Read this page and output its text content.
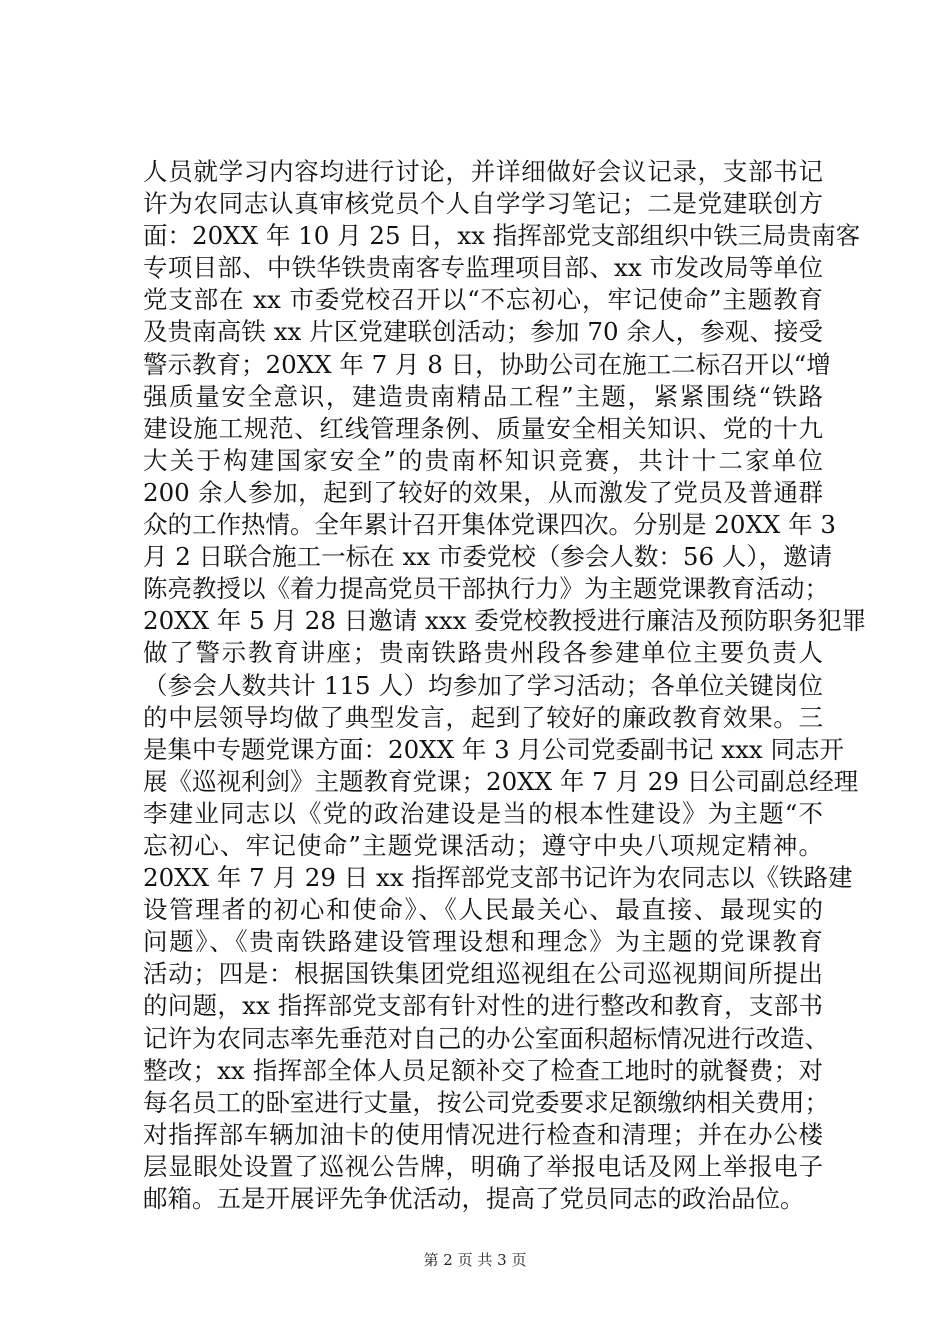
人员就学习内容均进行讨论，并详细做好会议记录，支部书记
许为农同志认真审核党员个人自学学习笔记；二是党建联创方
面：20XX 年 10 月 25 日，xx 指挥部党支部组织中铁三局贵南客
专项目部、中铁华铁贵南客专监理项目部、xx 市发改局等单位
党支部在 xx 市委党校召开以“不忘初心，牢记使命”主题教育
及贵南高铁 xx 片区党建联创活动；参加 70 余人，参观、接受
警示教育；20XX 年 7 月 8 日，协助公司在施工二标召开以“增
强质量安全意识，建造贵南精品工程”主题，紧紧围绕“铁路
建设施工规范、红线管理条例、质量安全相关知识、党的十九
大关于构建国家安全”的贵南杯知识竞赛，共计十二家单位
200 余人参加，起到了较好的效果，从而激发了党员及普通群
众的工作热情。全年累计召开集体党课四次。分别是 20XX 年 3
月 2 日联合施工一标在 xx 市委党校（参会人数：56 人），邀请
陈亮教授以《着力提高党员干部执行力》为主题党课教育活动；
20XX 年 5 月 28 日邀请 xxx 委党校教授进行廉洁及预防职务犯罪
做了警示教育讲座；贵南铁路贵州段各参建单位主要负责人
（参会人数共计 115 人）均参加了学习活动；各单位关键岗位
的中层领导均做了典型发言，起到了较好的廉政教育效果。三
是集中专题党课方面：20XX 年 3 月公司党委副书记 xxx 同志开
展《巡视利剑》主题教育党课；20XX 年 7 月 29 日公司副总经理
李建业同志以《党的政治建设是当的根本性建设》为主题“不
忘初心、牢记使命”主题党课活动；遵守中央八项规定精神。
20XX 年 7 月 29 日 xx 指挥部党支部书记许为农同志以《铁路建
设管理者的初心和使命》、《人民最关心、最直接、最现实的
问题》、《贵南铁路建设管理设想和理念》为主题的党课教育
活动；四是：根据国铁集团党组巡视组在公司巡视期间所提出
的问题，xx 指挥部党支部有针对性的进行整改和教育，支部书
记许为农同志率先垂范对自己的办公室面积超标情况进行改造、
整改；xx 指挥部全体人员足额补交了检查工地时的就餐费；对
每名员工的卧室进行丈量，按公司党委要求足额缴纳相关费用；
对指挥部车辆加油卡的使用情况进行检查和清理；并在办公楼
层显眼处设置了巡视公告牌，明确了举报电话及网上举报电子
邮箱。五是开展评先争优活动，提高了党员同志的政治品位。
第 2 页 共 3 页
